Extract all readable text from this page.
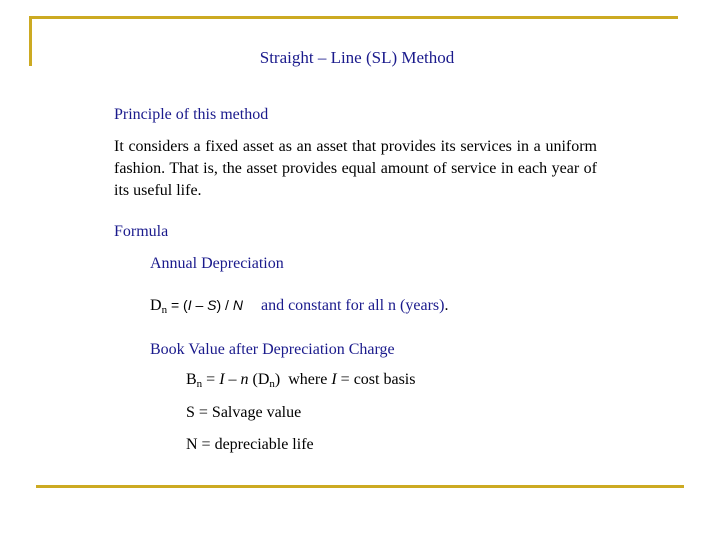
Straight – Line (SL) Method
Principle of this method
It considers a fixed asset as an asset that provides its services in a uniform fashion. That is, the asset provides equal amount of service in each year of its useful life.
Formula
Annual Depreciation
$D_n = (I - S) / N$ and constant for all n (years).
Book Value after Depreciation Charge
$B_n = I - n$ $(D_n)$  where I = cost basis
S = Salvage value
N = depreciable life
